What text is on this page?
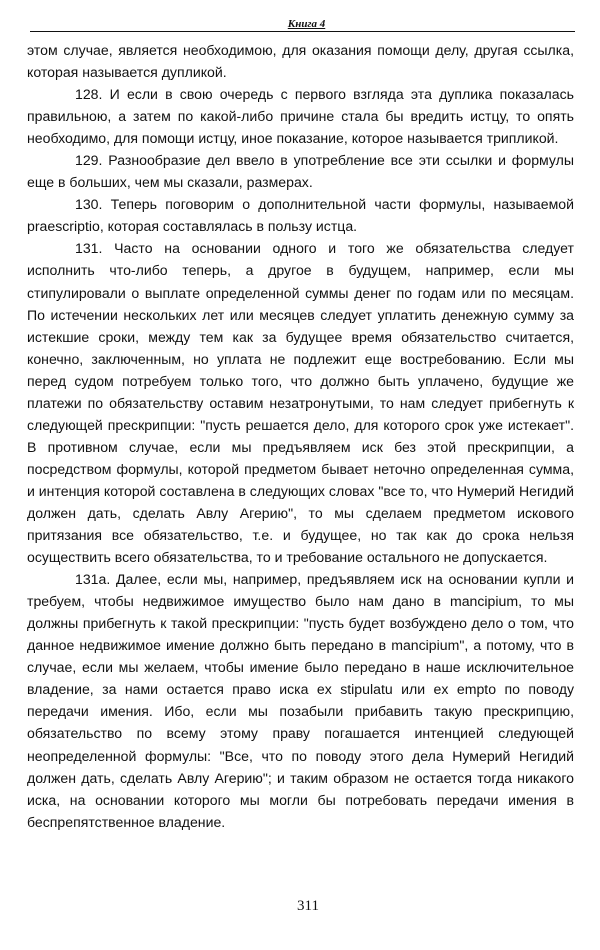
Книга 4

этом случае, является необходимою, для оказания помощи делу, другая ссылка, которая называется дупликой.

128. И если в свою очередь с первого взгляда эта дуплика показалась правильною, а затем по какой-либо причине стала бы вредить истцу, то опять необходимо, для помощи истцу, иное показание, которое называется трипликой.

129. Разнообразие дел ввело в употребление все эти ссылки и формулы еще в больших, чем мы сказали, размерах.

130. Теперь поговорим о дополнительной части формулы, называемой praescriptio, которая составлялась в пользу истца.

131. Часто на основании одного и того же обязательства следует исполнить что-либо теперь, а другое в будущем, например, если мы стипулировали о выплате определенной суммы денег по годам или по месяцам. По истечении нескольких лет или месяцев следует уплатить денежную сумму за истекшие сроки, между тем как за будущее время обязательство считается, конечно, заключенным, но уплата не подлежит еще востребованию. Если мы перед судом потребуем только того, что должно быть уплачено, будущие же платежи по обязательству оставим незатронутыми, то нам следует прибегнуть к следующей прескрипции: "пусть решается дело, для которого срок уже истекает". В противном случае, если мы предъявляем иск без этой прескрипции, а посредством формулы, которой предметом бывает неточно определенная сумма, и интенция которой составлена в следующих словах "все то, что Нумерий Негидий должен дать, сделать Авлу Агерию", то мы сделаем предметом искового притязания все обязательство, т.е. и будущее, но так как до срока нельзя осуществить всего обязательства, то и требование остального не допускается.

131a. Далее, если мы, например, предъявляем иск на основании купли и требуем, чтобы недвижимое имущество было нам дано в mancipium, то мы должны прибегнуть к такой прескрипции: "пусть будет возбуждено дело о том, что данное недвижимое имение должно быть передано в mancipium", а потому, что в случае, если мы желаем, чтобы имение было передано в наше исключительное владение, за нами остается право иска ex stipulatu или ex empto по поводу передачи имения. Ибо, если мы позабыли прибавить такую прескрипцию, обязательство по всему этому праву погашается интенцией следующей неопределенной формулы: "Все, что по поводу этого дела Нумерий Негидий должен дать, сделать Авлу Агерию"; и таким образом не остается тогда никакого иска, на основании которого мы могли бы потребовать передачи имения в беспрепятственное владение.

311
